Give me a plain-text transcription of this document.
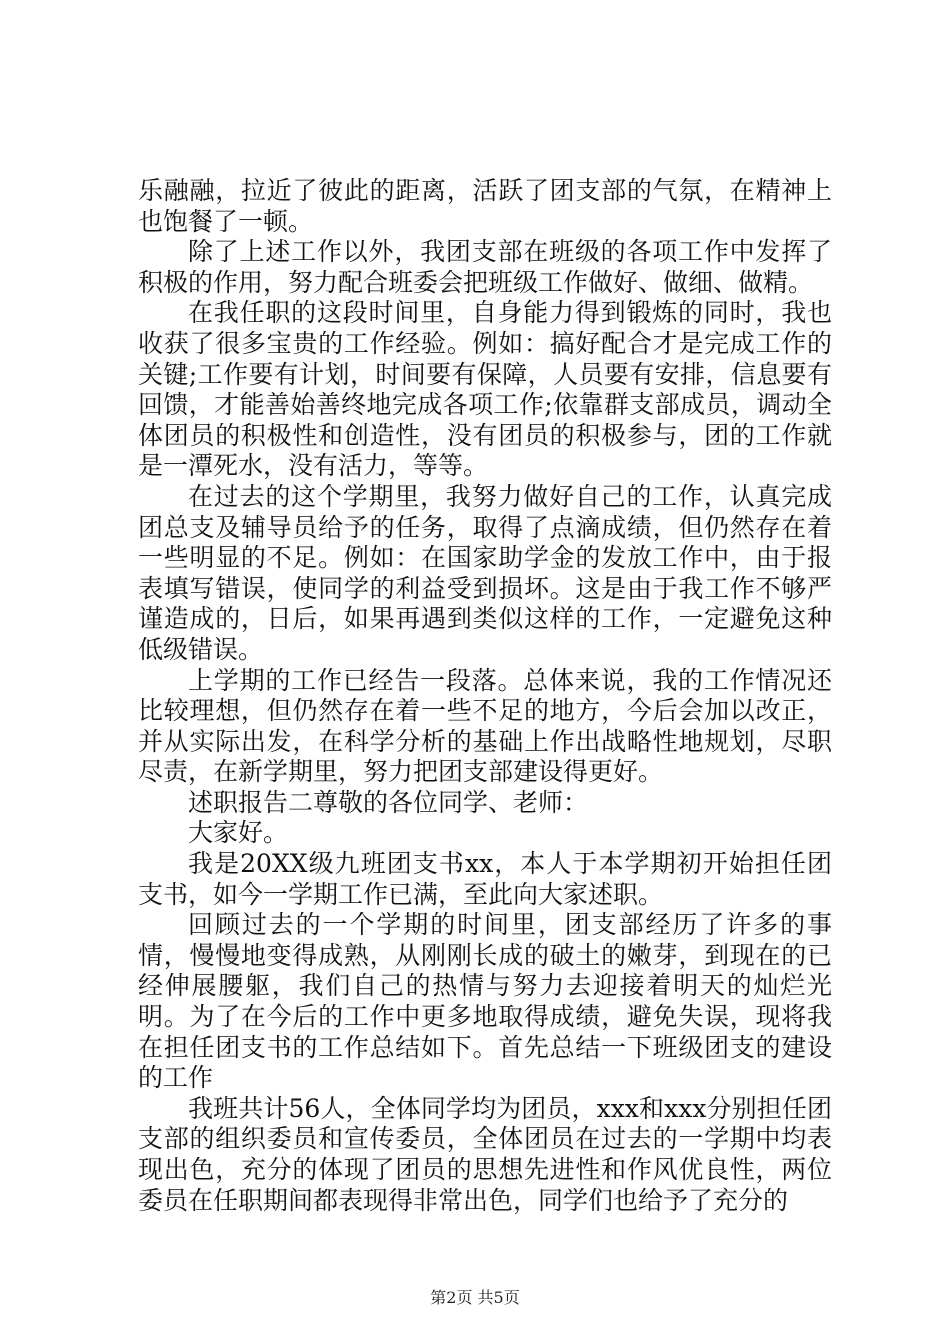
乐融融，拉近了彼此的距离，活跃了团支部的气氛，在精神上也饱餐了一顿。

除了上述工作以外，我团支部在班级的各项工作中发挥了积极的作用，努力配合班委会把班级工作做好、做细、做精。

在我任职的这段时间里，自身能力得到锻炼的同时，我也收获了很多宝贵的工作经验。例如：搞好配合才是完成工作的关键;工作要有计划，时间要有保障，人员要有安排，信息要有回馈，才能善始善终地完成各项工作;依靠群支部成员，调动全体团员的积极性和创造性，没有团员的积极参与，团的工作就是一潭死水，没有活力，等等。

在过去的这个学期里，我努力做好自己的工作，认真完成团总支及辅导员给予的任务，取得了点滴成绩，但仍然存在着一些明显的不足。例如：在国家助学金的发放工作中，由于报表填写错误，使同学的利益受到损坏。这是由于我工作不够严谨造成的，日后，如果再遇到类似这样的工作，一定避免这种低级错误。

上学期的工作已经告一段落。总体来说，我的工作情况还比较理想，但仍然存在着一些不足的地方，今后会加以改正，并从实际出发，在科学分析的基础上作出战略性地规划，尽职尽责，在新学期里，努力把团支部建设得更好。

述职报告二尊敬的各位同学、老师：

大家好。

我是20XX级九班团支书xx，本人于本学期初开始担任团支书，如今一学期工作已满，至此向大家述职。

回顾过去的一个学期的时间里，团支部经历了许多的事情，慢慢地变得成熟，从刚刚长成的破土的嫩芽，到现在的已经伸展腰躯，我们自己的热情与努力去迎接着明天的灿烂光明。为了在今后的工作中更多地取得成绩，避免失误，现将我在担任团支书的工作总结如下。首先总结一下班级团支的建设的工作

我班共计56人，全体同学均为团员，xxx和xxx分别担任团支部的组织委员和宣传委员，全体团员在过去的一学期中均表现出色，充分的体现了团员的思想先进性和作风优良性，两位委员在任职期间都表现得非常出色，同学们也给予了充分的

第2页 共5页
